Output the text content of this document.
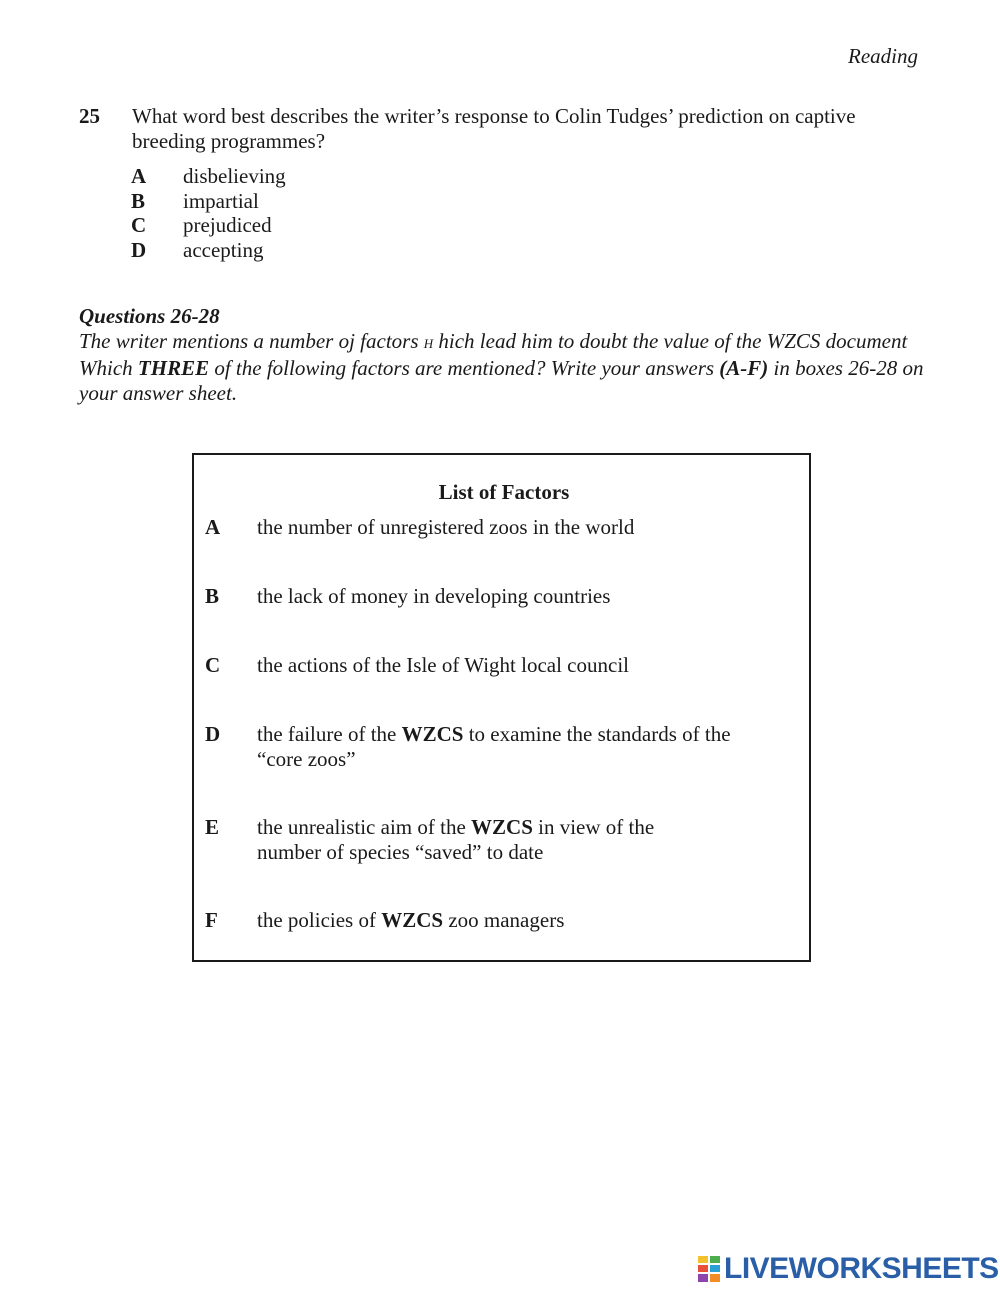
Reading
25 What word best describes the writer’s response to Colin Tudges’ prediction on captive breeding programmes?
A	disbelieving
B	impartial
C	prejudiced
D	accepting
Questions 26-28
The writer mentions a number oj factors H hich lead him to doubt the value of the WZCS document Which THREE of the following factors are mentioned? Write your answers (A-F) in boxes 26-28 on your answer sheet.
List of Factors
A the number of unregistered zoos in the world
B the lack of money in developing countries
C the actions of the Isle of Wight local council
D the failure of the WZCS to examine the standards of the “core zoos”
E the unrealistic aim of the WZCS in view of the number of species “saved” to date
F the policies of WZCS zoo managers
LIVEWORKSHEETS
